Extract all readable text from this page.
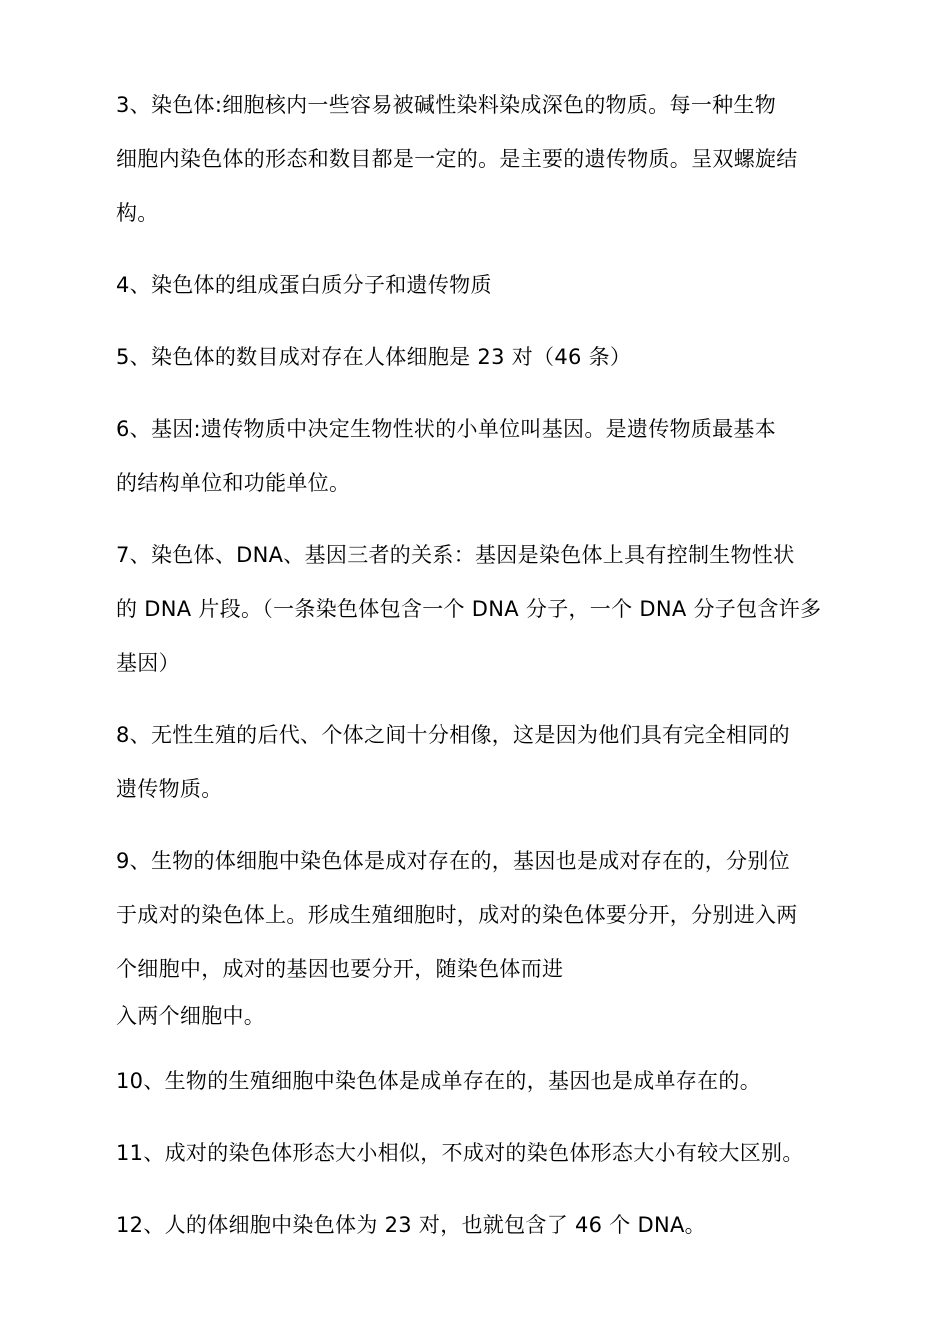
3、染色体:细胞核内一些容易被碱性染料染成深色的物质。每一种生物
细胞内染色体的形态和数目都是一定的。是主要的遗传物质。呈双螺旋结
构。

4、染色体的组成蛋白质分子和遗传物质

5、染色体的数目成对存在人体细胞是 23 对（46 条）

6、基因:遗传物质中决定生物性状的小单位叫基因。是遗传物质最基本
的结构单位和功能单位。

7、染色体、DNA、基因三者的关系：基因是染色体上具有控制生物性状
的 DNA 片段。（一条染色体包含一个 DNA 分子，一个 DNA 分子包含许多
基因）

8、无性生殖的后代、个体之间十分相像，这是因为他们具有完全相同的
遗传物质。

9、生物的体细胞中染色体是成对存在的，基因也是成对存在的，分别位
于成对的染色体上。形成生殖细胞时，成对的染色体要分开，分别进入两
个细胞中，成对的基因也要分开，随染色体而进

入两个细胞中。

10、生物的生殖细胞中染色体是成单存在的，基因也是成单存在的。

11、成对的染色体形态大小相似，不成对的染色体形态大小有较大区别。

12、人的体细胞中染色体为 23 对，也就包含了 46 个 DNA。
